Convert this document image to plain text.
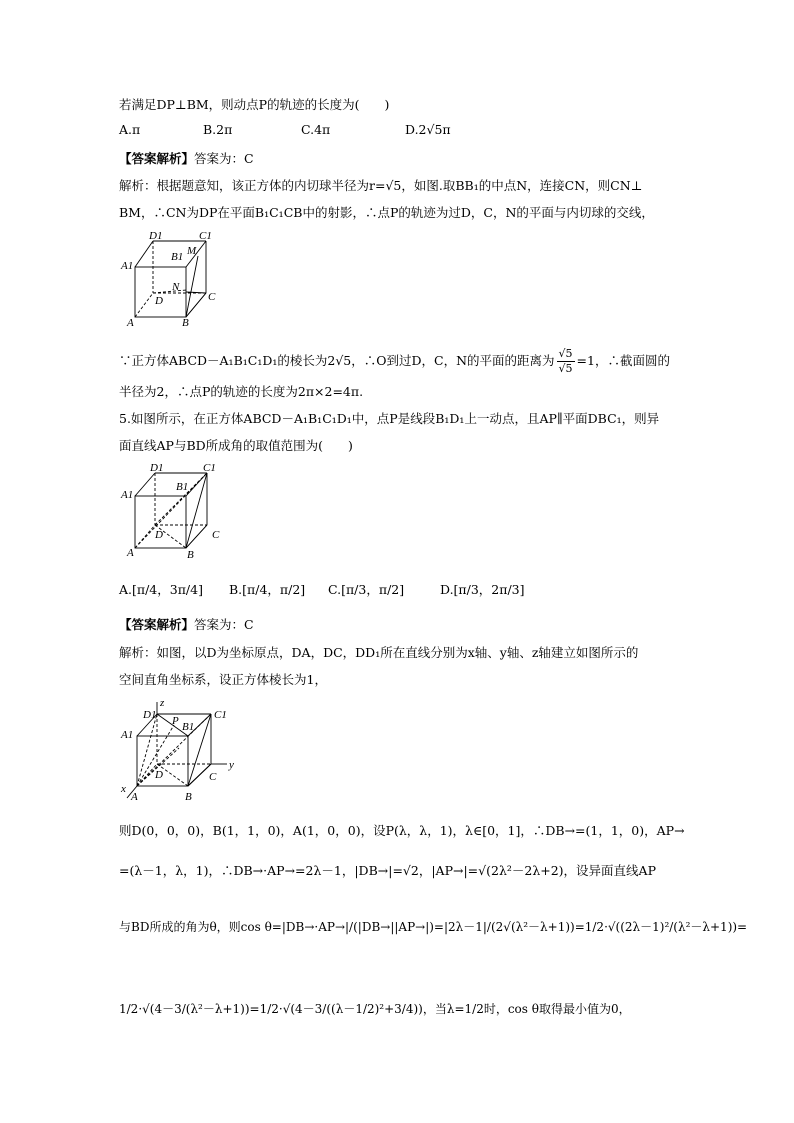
若满足DP⊥BM，则动点P的轨迹的长度为(　　)
A.π	B.2π	C.4π	D.2√5π
【答案解析】答案为：C
解析：根据题意知，该正方体的内切球半径为r=√5，如图.取BB₁的中点N，连接CN，则CN⊥
BM，∴CN为DP在平面B₁C₁CB中的射影，∴点P的轨迹为过D，C，N的平面与内切球的交线，
D1	C1
A1
B1 M
N
D	C
A	B
∵正方体ABCD－A₁B₁C₁D₁的棱长为2√5，∴O到过D，C，N的平面的距离为 $\frac{√5}{√5} =1$，∴截面圆的
半径为2，∴点P的轨迹的长度为2π×2=4π.
5.如图所示，在正方体ABCD－A₁B₁C₁D₁中，点P是线段B₁D₁上一动点，且AP∥平面DBC₁，则异
面直线AP与BD所成角的取值范围为(　　)
D1	C1
A1
B1
D	C
A	B
A.[π/4，3π/4] B.[π/4，π/2] C.[π/3，π/2]	D.[π/3，2π/3]
【答案解析】答案为：C
解析：如图，以D为坐标原点，DA，DC，DD₁所在直线分别为x轴、y轴、z轴建立如图所示的
空间直角坐标系，设正方体棱长为1，
z
D1 P B1
C1
A1
D	C
y
x
A	B
则D(0，0，0)，B(1，1，0)，A(1，0，0)，设P(λ，λ，1)，λ∈[0，1]，∴DB→=(1，1，0)，AP→
=(λ－1，λ，1)，∴DB→·AP→=2λ－1，|DB→|=√2，|AP→|=√(2λ²－2λ+2)，设异面直线AP
与BD所成的角为θ，则cos θ=|DB→·AP→|/(|DB→||AP→|)=|2λ－1|/(2√(λ²－λ+1))=1/2·√((2λ－1)²/(λ²－λ+1))=
1/2·√(4－3/(λ²－λ+1))=1/2·√(4－3/((λ－1/2)²+3/4))，当λ=1/2时，cos θ取得最小值为0，
